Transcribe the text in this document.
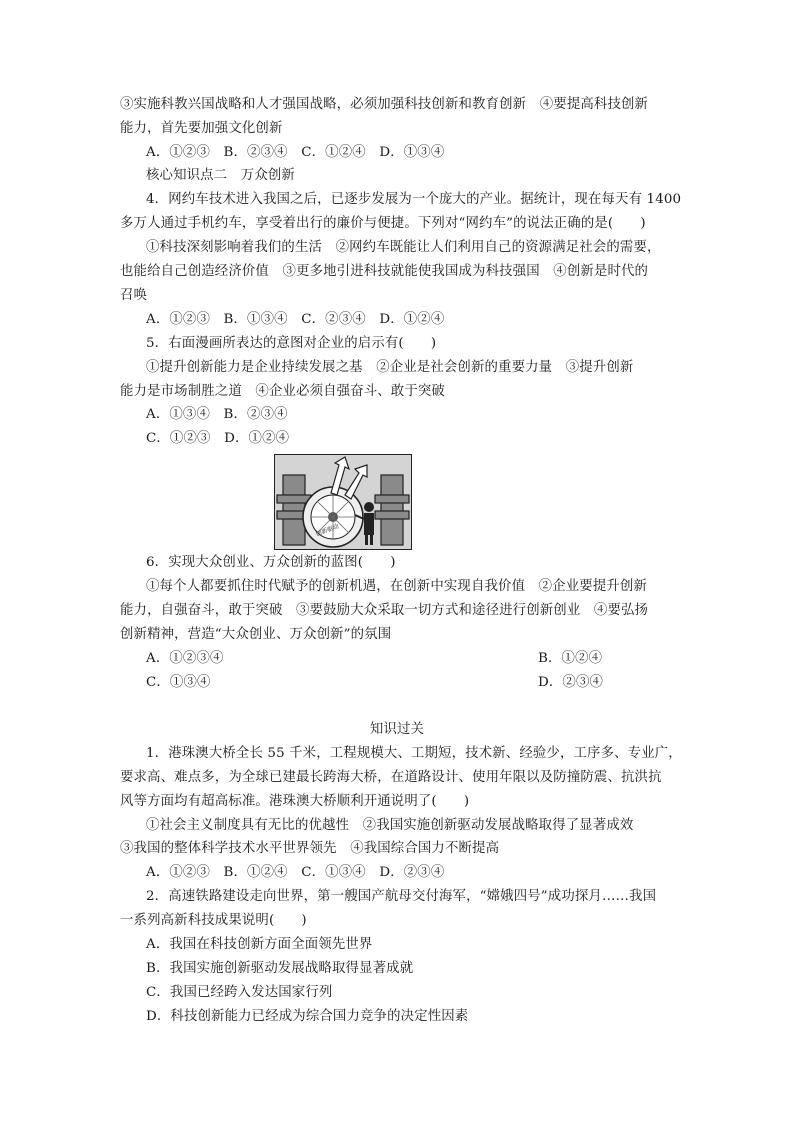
③实施科教兴国战略和人才强国战略，必须加强科技创新和教育创新　④要提高科技创新
能力，首先要加强文化创新
A．①②③　B．②③④　C．①②④　D．①③④
核心知识点二　万众创新
4．网约车技术进入我国之后，已逐步发展为一个庞大的产业。据统计，现在每天有 1400
多万人通过手机约车，享受着出行的廉价与便捷。下列对“网约车”的说法正确的是(　　)
①科技深刻影响着我们的生活　②网约车既能让人们利用自己的资源满足社会的需要，
也能给自己创造经济价值　③更多地引进科技就能使我国成为科技强国　④创新是时代的
召唤
A．①②③　B．①③④　C．②③④　D．①②④
5．右面漫画所表达的意图对企业的启示有(　　)
①提升创新能力是企业持续发展之基　②企业是社会创新的重要力量　③提升创新
能力是市场制胜之道　④企业必须自强奋斗、敢于突破
A．①③④　B．②③④
C．①②③　D．①②④
创新驱动
6．实现大众创业、万众创新的蓝图(　　)
①每个人都要抓住时代赋予的创新机遇，在创新中实现自我价值　②企业要提升创新
能力，自强奋斗，敢于突破　③要鼓励大众采取一切方式和途径进行创新创业　④要弘扬
创新精神，营造“大众创业、万众创新”的氛围
A．①②③④	B．①②④
C．①③④	D．②③④
知识过关
1．港珠澳大桥全长 55 千米，工程规模大、工期短，技术新、经验少，工序多、专业广，
要求高、难点多，为全球已建最长跨海大桥，在道路设计、使用年限以及防撞防震、抗洪抗
风等方面均有超高标准。港珠澳大桥顺利开通说明了(　　)
①社会主义制度具有无比的优越性　②我国实施创新驱动发展战略取得了显著成效
③我国的整体科学技术水平世界领先　④我国综合国力不断提高
A．①②③　B．①②④　C．①③④　D．②③④
2．高速铁路建设走向世界，第一艘国产航母交付海军，“嫦娥四号”成功探月……我国
一系列高新科技成果说明(　　)
A．我国在科技创新方面全面领先世界
B．我国实施创新驱动发展战略取得显著成就
C．我国已经跨入发达国家行列
D．科技创新能力已经成为综合国力竞争的决定性因素
